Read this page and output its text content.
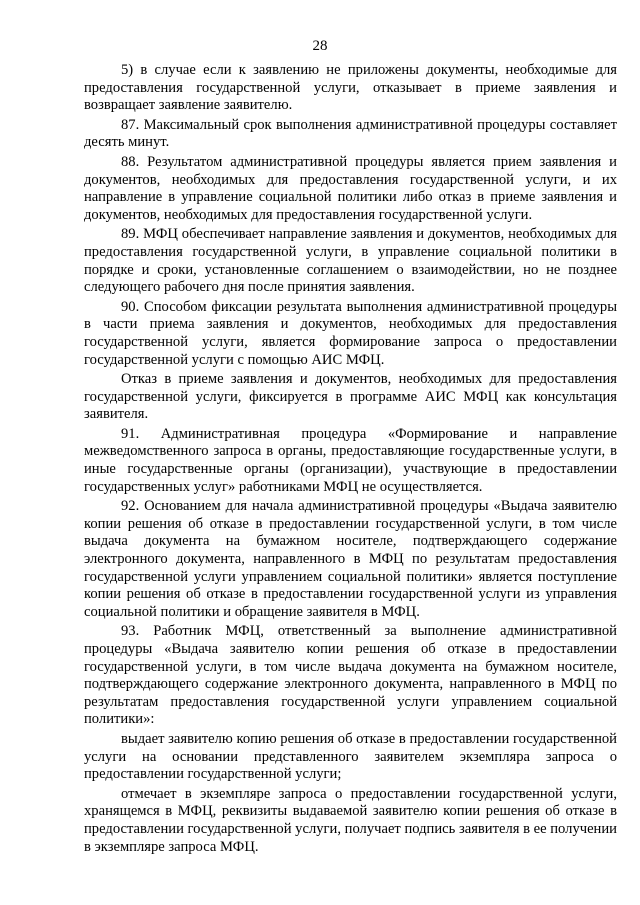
28

5) в случае если к заявлению не приложены документы, необходимые для предоставления государственной услуги, отказывает в приеме заявления и возвращает заявление заявителю.

87. Максимальный срок выполнения административной процедуры составляет десять минут.

88. Результатом административной процедуры является прием заявления и документов, необходимых для предоставления государственной услуги, и их направление в управление социальной политики либо отказ в приеме заявления и документов, необходимых для предоставления государственной услуги.

89. МФЦ обеспечивает направление заявления и документов, необходимых для предоставления государственной услуги, в управление социальной политики в порядке и сроки, установленные соглашением о взаимодействии, но не позднее следующего рабочего дня после принятия заявления.

90. Способом фиксации результата выполнения административной процедуры в части приема заявления и документов, необходимых для предоставления государственной услуги, является формирование запроса о предоставлении государственной услуги с помощью АИС МФЦ.

Отказ в приеме заявления и документов, необходимых для предоставления государственной услуги, фиксируется в программе АИС МФЦ как консультация заявителя.

91. Административная процедура «Формирование и направление межведомственного запроса в органы, предоставляющие государственные услуги, в иные государственные органы (организации), участвующие в предоставлении государственных услуг» работниками МФЦ не осуществляется.

92. Основанием для начала административной процедуры «Выдача заявителю копии решения об отказе в предоставлении государственной услуги, в том числе выдача документа на бумажном носителе, подтверждающего содержание электронного документа, направленного в МФЦ по результатам предоставления государственной услуги управлением социальной политики» является поступление копии решения об отказе в предоставлении государственной услуги из управления социальной политики и обращение заявителя в МФЦ.

93. Работник МФЦ, ответственный за выполнение административной процедуры «Выдача заявителю копии решения об отказе в предоставлении государственной услуги, в том числе выдача документа на бумажном носителе, подтверждающего содержание электронного документа, направленного в МФЦ по результатам предоставления государственной услуги управлением социальной политики»:

выдает заявителю копию решения об отказе в предоставлении государственной услуги на основании представленного заявителем экземпляра запроса о предоставлении государственной услуги;

отмечает в экземпляре запроса о предоставлении государственной услуги, хранящемся в МФЦ, реквизиты выдаваемой заявителю копии решения об отказе в предоставлении государственной услуги, получает подпись заявителя в ее получении в экземпляре запроса МФЦ.
